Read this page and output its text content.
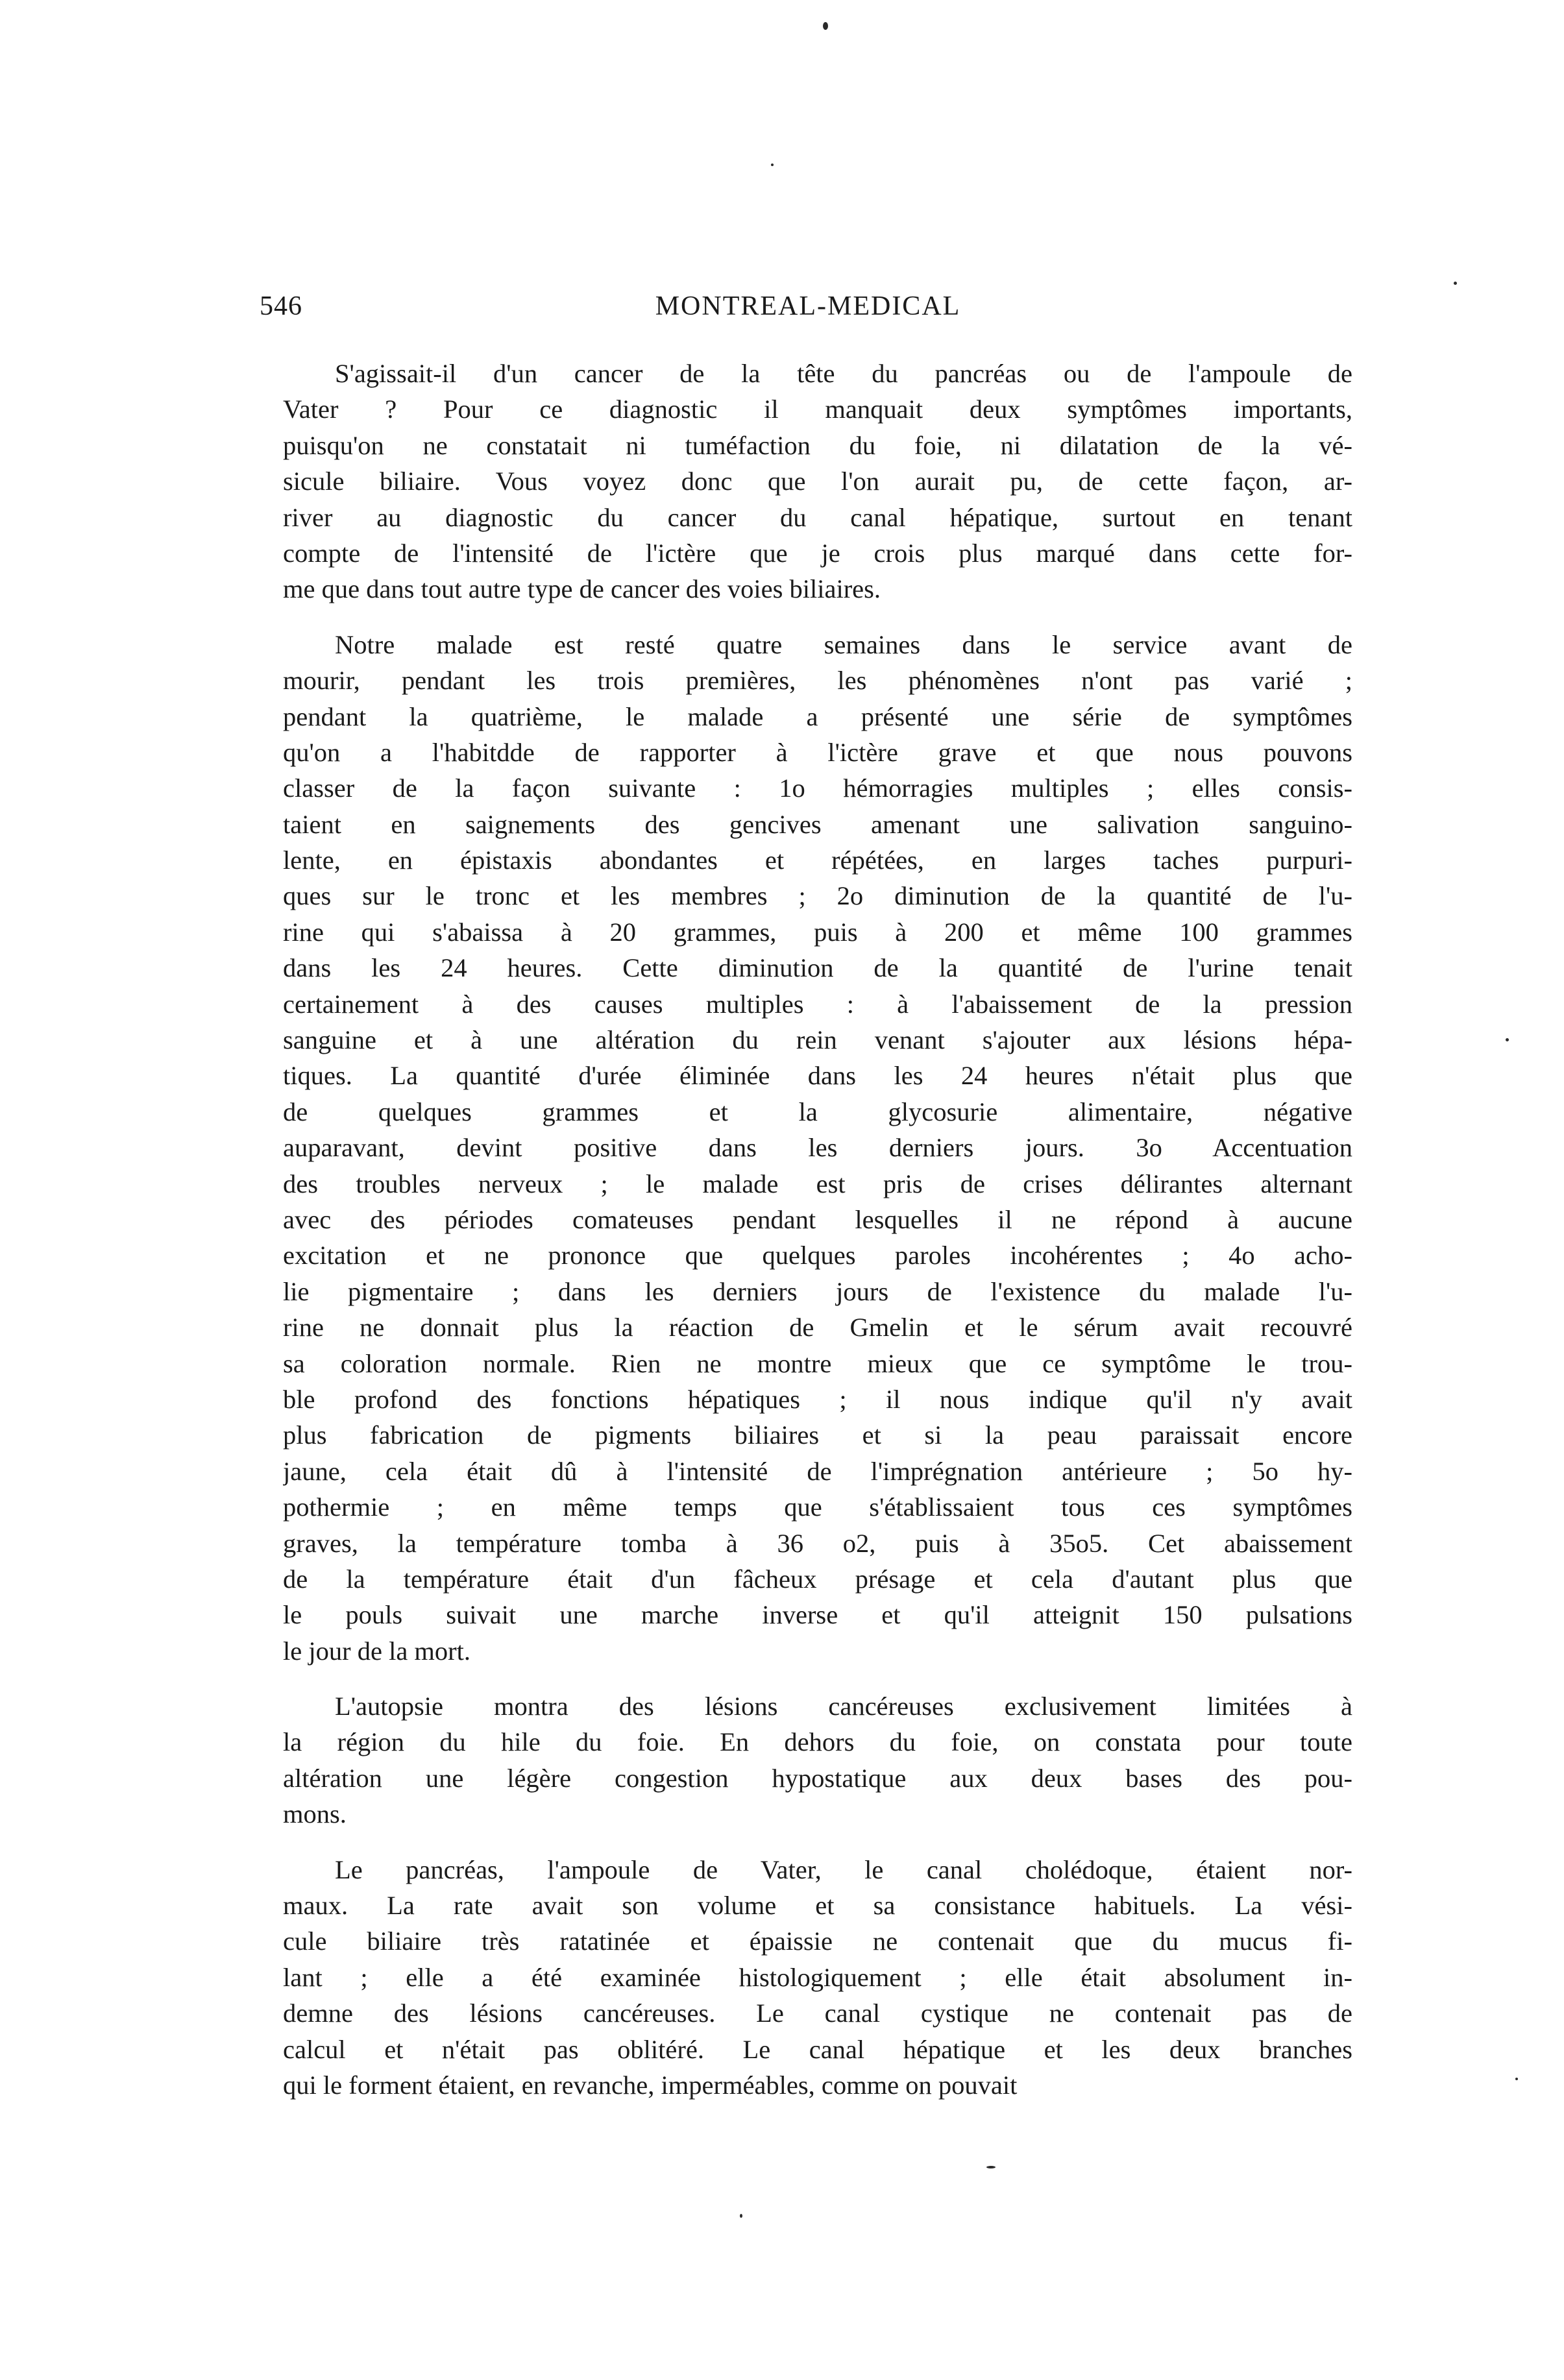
546	MONTREAL-MEDICAL
S'agissait-il d'un cancer de la tête du pancréas ou de l'ampoule de
Vater ? Pour ce diagnostic il manquait deux symptômes importants,
puisqu'on ne constatait ni tuméfaction du foie, ni dilatation de la vé-
sicule biliaire. Vous voyez donc que l'on aurait pu, de cette façon, ar-
river au diagnostic du cancer du canal hépatique, surtout en tenant
compte de l'intensité de l'ictère que je crois plus marqué dans cette for-
me que dans tout autre type de cancer des voies biliaires.
Notre malade est resté quatre semaines dans le service avant de
mourir, pendant les trois premières, les phénomènes n'ont pas varié ;
pendant la quatrième, le malade a présenté une série de symptômes
qu'on a l'habitdde de rapporter à l'ictère grave et que nous pouvons
classer de la façon suivante : 1o hémorragies multiples ; elles consis-
taient en saignements des gencives amenant une salivation sanguino-
lente, en épistaxis abondantes et répétées, en larges taches purpuri-
ques sur le tronc et les membres ; 2o diminution de la quantité de l'u-
rine qui s'abaissa à 20 grammes, puis à 200 et même 100 grammes
dans les 24 heures. Cette diminution de la quantité de l'urine tenait
certainement à des causes multiples : à l'abaissement de la pression
sanguine et à une altération du rein venant s'ajouter aux lésions hépa-
tiques. La quantité d'urée éliminée dans les 24 heures n'était plus que
de quelques grammes et la glycosurie alimentaire, négative
auparavant, devint positive dans les derniers jours. 3o Accentuation
des troubles nerveux ; le malade est pris de crises délirantes alternant
avec des périodes comateuses pendant lesquelles il ne répond à aucune
excitation et ne prononce que quelques paroles incohérentes ; 4o acho-
lie pigmentaire ; dans les derniers jours de l'existence du malade l'u-
rine ne donnait plus la réaction de Gmelin et le sérum avait recouvré
sa coloration normale. Rien ne montre mieux que ce symptôme le trou-
ble profond des fonctions hépatiques ; il nous indique qu'il n'y avait
plus fabrication de pigments biliaires et si la peau paraissait encore
jaune, cela était dû à l'intensité de l'imprégnation antérieure ; 5o hy-
pothermie ; en même temps que s'établissaient tous ces symptômes
graves, la température tomba à 36 o2, puis à 35o5. Cet abaissement
de la température était d'un fâcheux présage et cela d'autant plus que
le pouls suivait une marche inverse et qu'il atteignit 150 pulsations
le jour de la mort.
L'autopsie montra des lésions cancéreuses exclusivement limitées à
la région du hile du foie. En dehors du foie, on constata pour toute
altération une légère congestion hypostatique aux deux bases des pou-
mons.
Le pancréas, l'ampoule de Vater, le canal cholédoque, étaient nor-
maux. La rate avait son volume et sa consistance habituels. La vési-
cule biliaire très ratatinée et épaissie ne contenait que du mucus fi-
lant ; elle a été examinée histologiquement ; elle était absolument in-
demne des lésions cancéreuses. Le canal cystique ne contenait pas de
calcul et n'était pas oblitéré. Le canal hépatique et les deux branches
qui le forment étaient, en revanche, imperméables, comme on pouvait
